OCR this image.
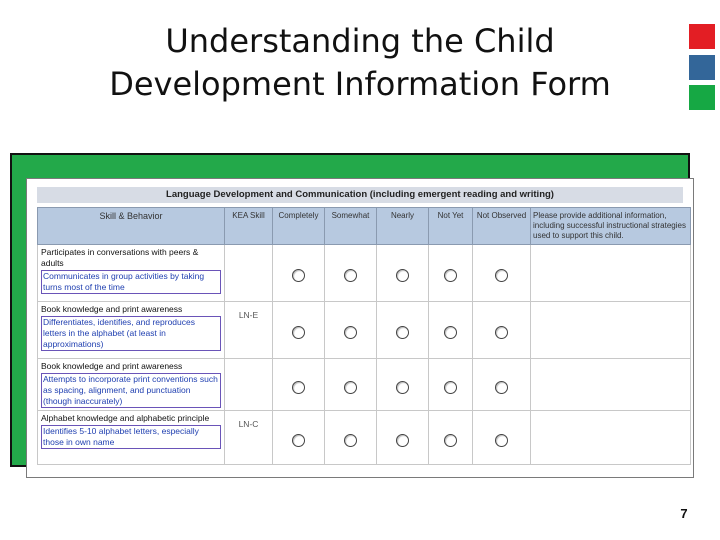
Understanding the Child Development Information Form
Language Development and Communication (including emergent reading and writing)
Skill & Behavior	KEA Skill	Completely	Somewhat	Nearly	Not Yet	Not Observed	Please provide additional information, including successful instructional strategies used to support this child.
Participates in conversations with peers & adults
Communicates in group activities by taking turns most of the time							

Book knowledge and print awareness
Differentiates, identifies, and reproduces letters in the alphabet (at least in approximations)	LN-E						
Book knowledge and print awareness
Attempts to incorporate print conventions such as spacing, alignment, and punctuation (though inaccurately)							

Alphabet knowledge and alphabetic principle
Identifies 5-10 alphabet letters, especially those in own name	LN-C						
7
